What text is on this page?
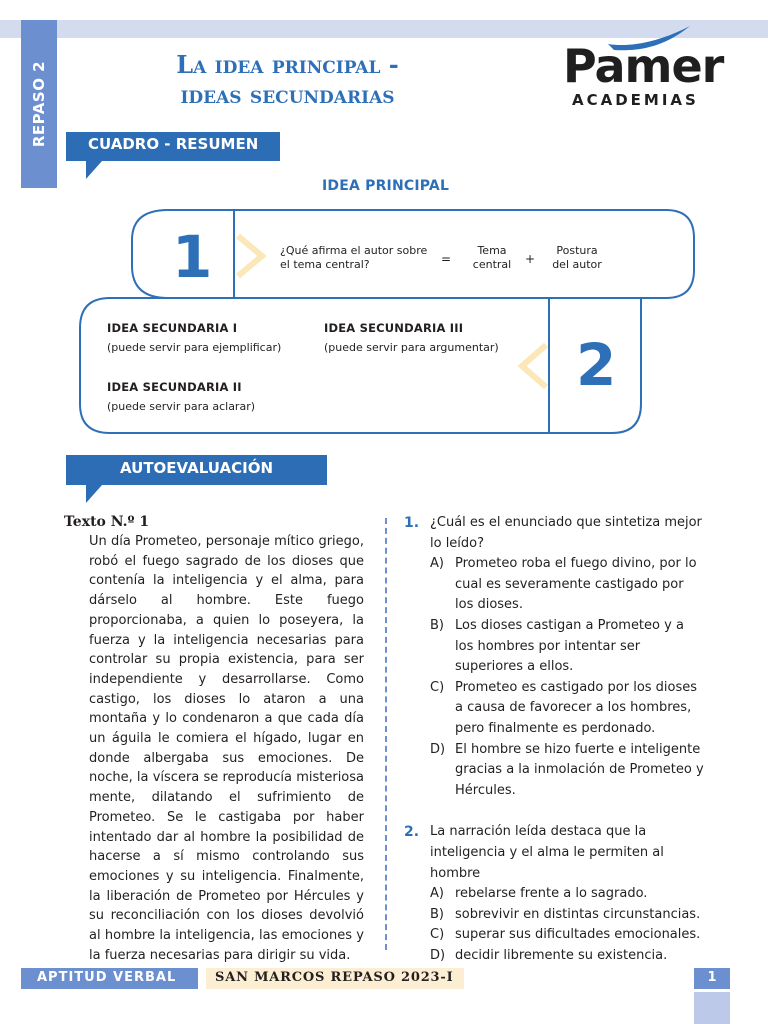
REPASO 2	La idea principal -
ideas secundarias
Pamer
ACADEMIAS
CUADRO - RESUMEN
IDEA PRINCIPAL
1
2
¿Qué afirma el autor sobre
el tema central?	=
Tema
central +
Postura
del autor
IDEA SECUNDARIA I
(puede servir para ejemplificar)
IDEA SECUNDARIA II
(puede servir para aclarar)
IDEA SECUNDARIA III
(puede servir para argumentar)
AUTOEVALUACIÓN
Texto N.º 1
Un día Prometeo, personaje mítico griego, robó el fuego sagrado de los dioses que contenía la inteligencia y el alma, para dárselo al hombre. Este fuego proporcionaba, a quien lo poseyera, la fuerza y la inteligencia necesarias para controlar su propia existencia, para ser independiente y desarrollarse. Como castigo, los dioses lo ataron a una montaña y lo condenaron a que cada día un águila le comiera el hígado, lugar en donde albergaba sus emociones. De noche, la víscera se reproducía misteriosa mente, dilatando el sufrimiento de Prometeo. Se le castigaba por haber intentado dar al hombre la posibilidad de hacerse a sí mismo controlando sus emociones y su inteligencia. Finalmente, la liberación de Prometeo por Hércules y su reconciliación con los dioses devolvió al hombre la inteligencia, las emociones y la fuerza necesarias para dirigir su vida.
1. ¿Cuál es el enunciado que sintetiza mejor lo leído?
A) Prometeo roba el fuego divino, por lo cual es severamente castigado por los dioses.
B) Los dioses castigan a Prometeo y a los hombres por intentar ser superiores a ellos.
C) Prometeo es castigado por los dioses a causa de favorecer a los hombres, pero finalmente es perdonado.
D) El hombre se hizo fuerte e inteligente gracias a la inmolación de Prometeo y Hércules.
2. La narración leída destaca que la inteligencia y el alma le permiten al hombre
A) rebelarse frente a lo sagrado.
B) sobrevivir en distintas circunstancias.
C) superar sus dificultades emocionales.
D) decidir libremente su existencia.
APTITUD VERBAL	SAN MARCOS REPASO 2023-I	1
